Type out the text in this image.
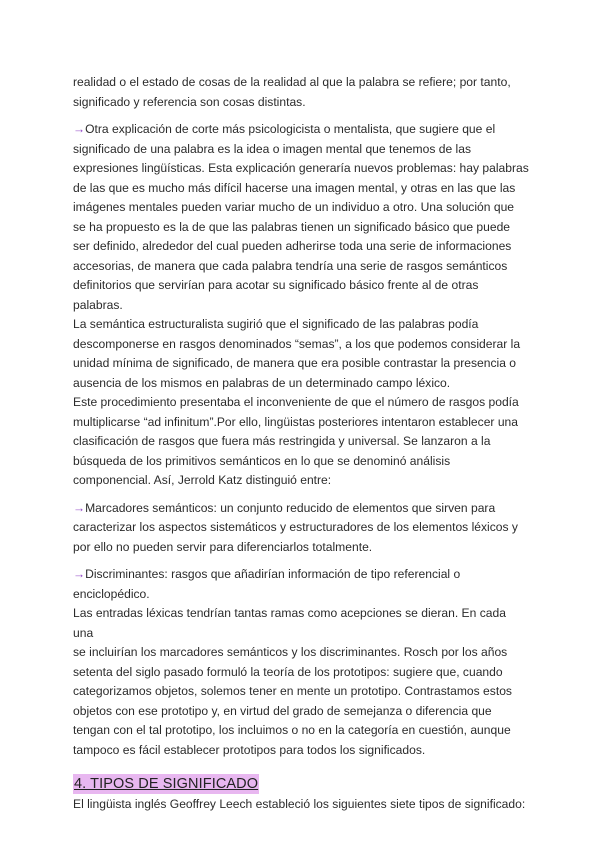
realidad o el estado de cosas de la realidad al que la palabra se refiere; por tanto,
significado y referencia son cosas distintas.

→Otra explicación de corte más psicologicista o mentalista, que sugiere que el
significado de una palabra es la idea o imagen mental que tenemos de las
expresiones lingüísticas. Esta explicación generaría nuevos problemas: hay palabras
de las que es mucho más difícil hacerse una imagen mental, y otras en las que las
imágenes mentales pueden variar mucho de un individuo a otro. Una solución que
se ha propuesto es la de que las palabras tienen un significado básico que puede
ser definido, alrededor del cual pueden adherirse toda una serie de informaciones
accesorias, de manera que cada palabra tendría una serie de rasgos semánticos
definitorios que servirían para acotar su significado básico frente al de otras
palabras.
La semántica estructuralista sugirió que el significado de las palabras podía
descomponerse en rasgos denominados “semas”, a los que podemos considerar la
unidad mínima de significado, de manera que era posible contrastar la presencia o
ausencia de los mismos en palabras de un determinado campo léxico.
Este procedimiento presentaba el inconveniente de que el número de rasgos podía
multiplicarse “ad infinitum”.Por ello, lingüistas posteriores intentaron establecer una
clasificación de rasgos que fuera más restringida y universal. Se lanzaron a la
búsqueda de los primitivos semánticos en lo que se denominó análisis
componencial. Así, Jerrold Katz distinguió entre:

→Marcadores semánticos: un conjunto reducido de elementos que sirven para
caracterizar los aspectos sistemáticos y estructuradores de los elementos léxicos y
por ello no pueden servir para diferenciarlos totalmente.

→Discriminantes: rasgos que añadirían información de tipo referencial o
enciclopédico.
Las entradas léxicas tendrían tantas ramas como acepciones se dieran. En cada una
se incluirían los marcadores semánticos y los discriminantes. Rosch por los años
setenta del siglo pasado formuló la teoría de los prototipos: sugiere que, cuando
categorizamos objetos, solemos tener en mente un prototipo. Contrastamos estos
objetos con ese prototipo y, en virtud del grado de semejanza o diferencia que
tengan con el tal prototipo, los incluimos o no en la categoría en cuestión, aunque
tampoco es fácil establecer prototipos para todos los significados.

4. TIPOS DE SIGNIFICADO

El lingüista inglés Geoffrey Leech estableció los siguientes siete tipos de significado:
